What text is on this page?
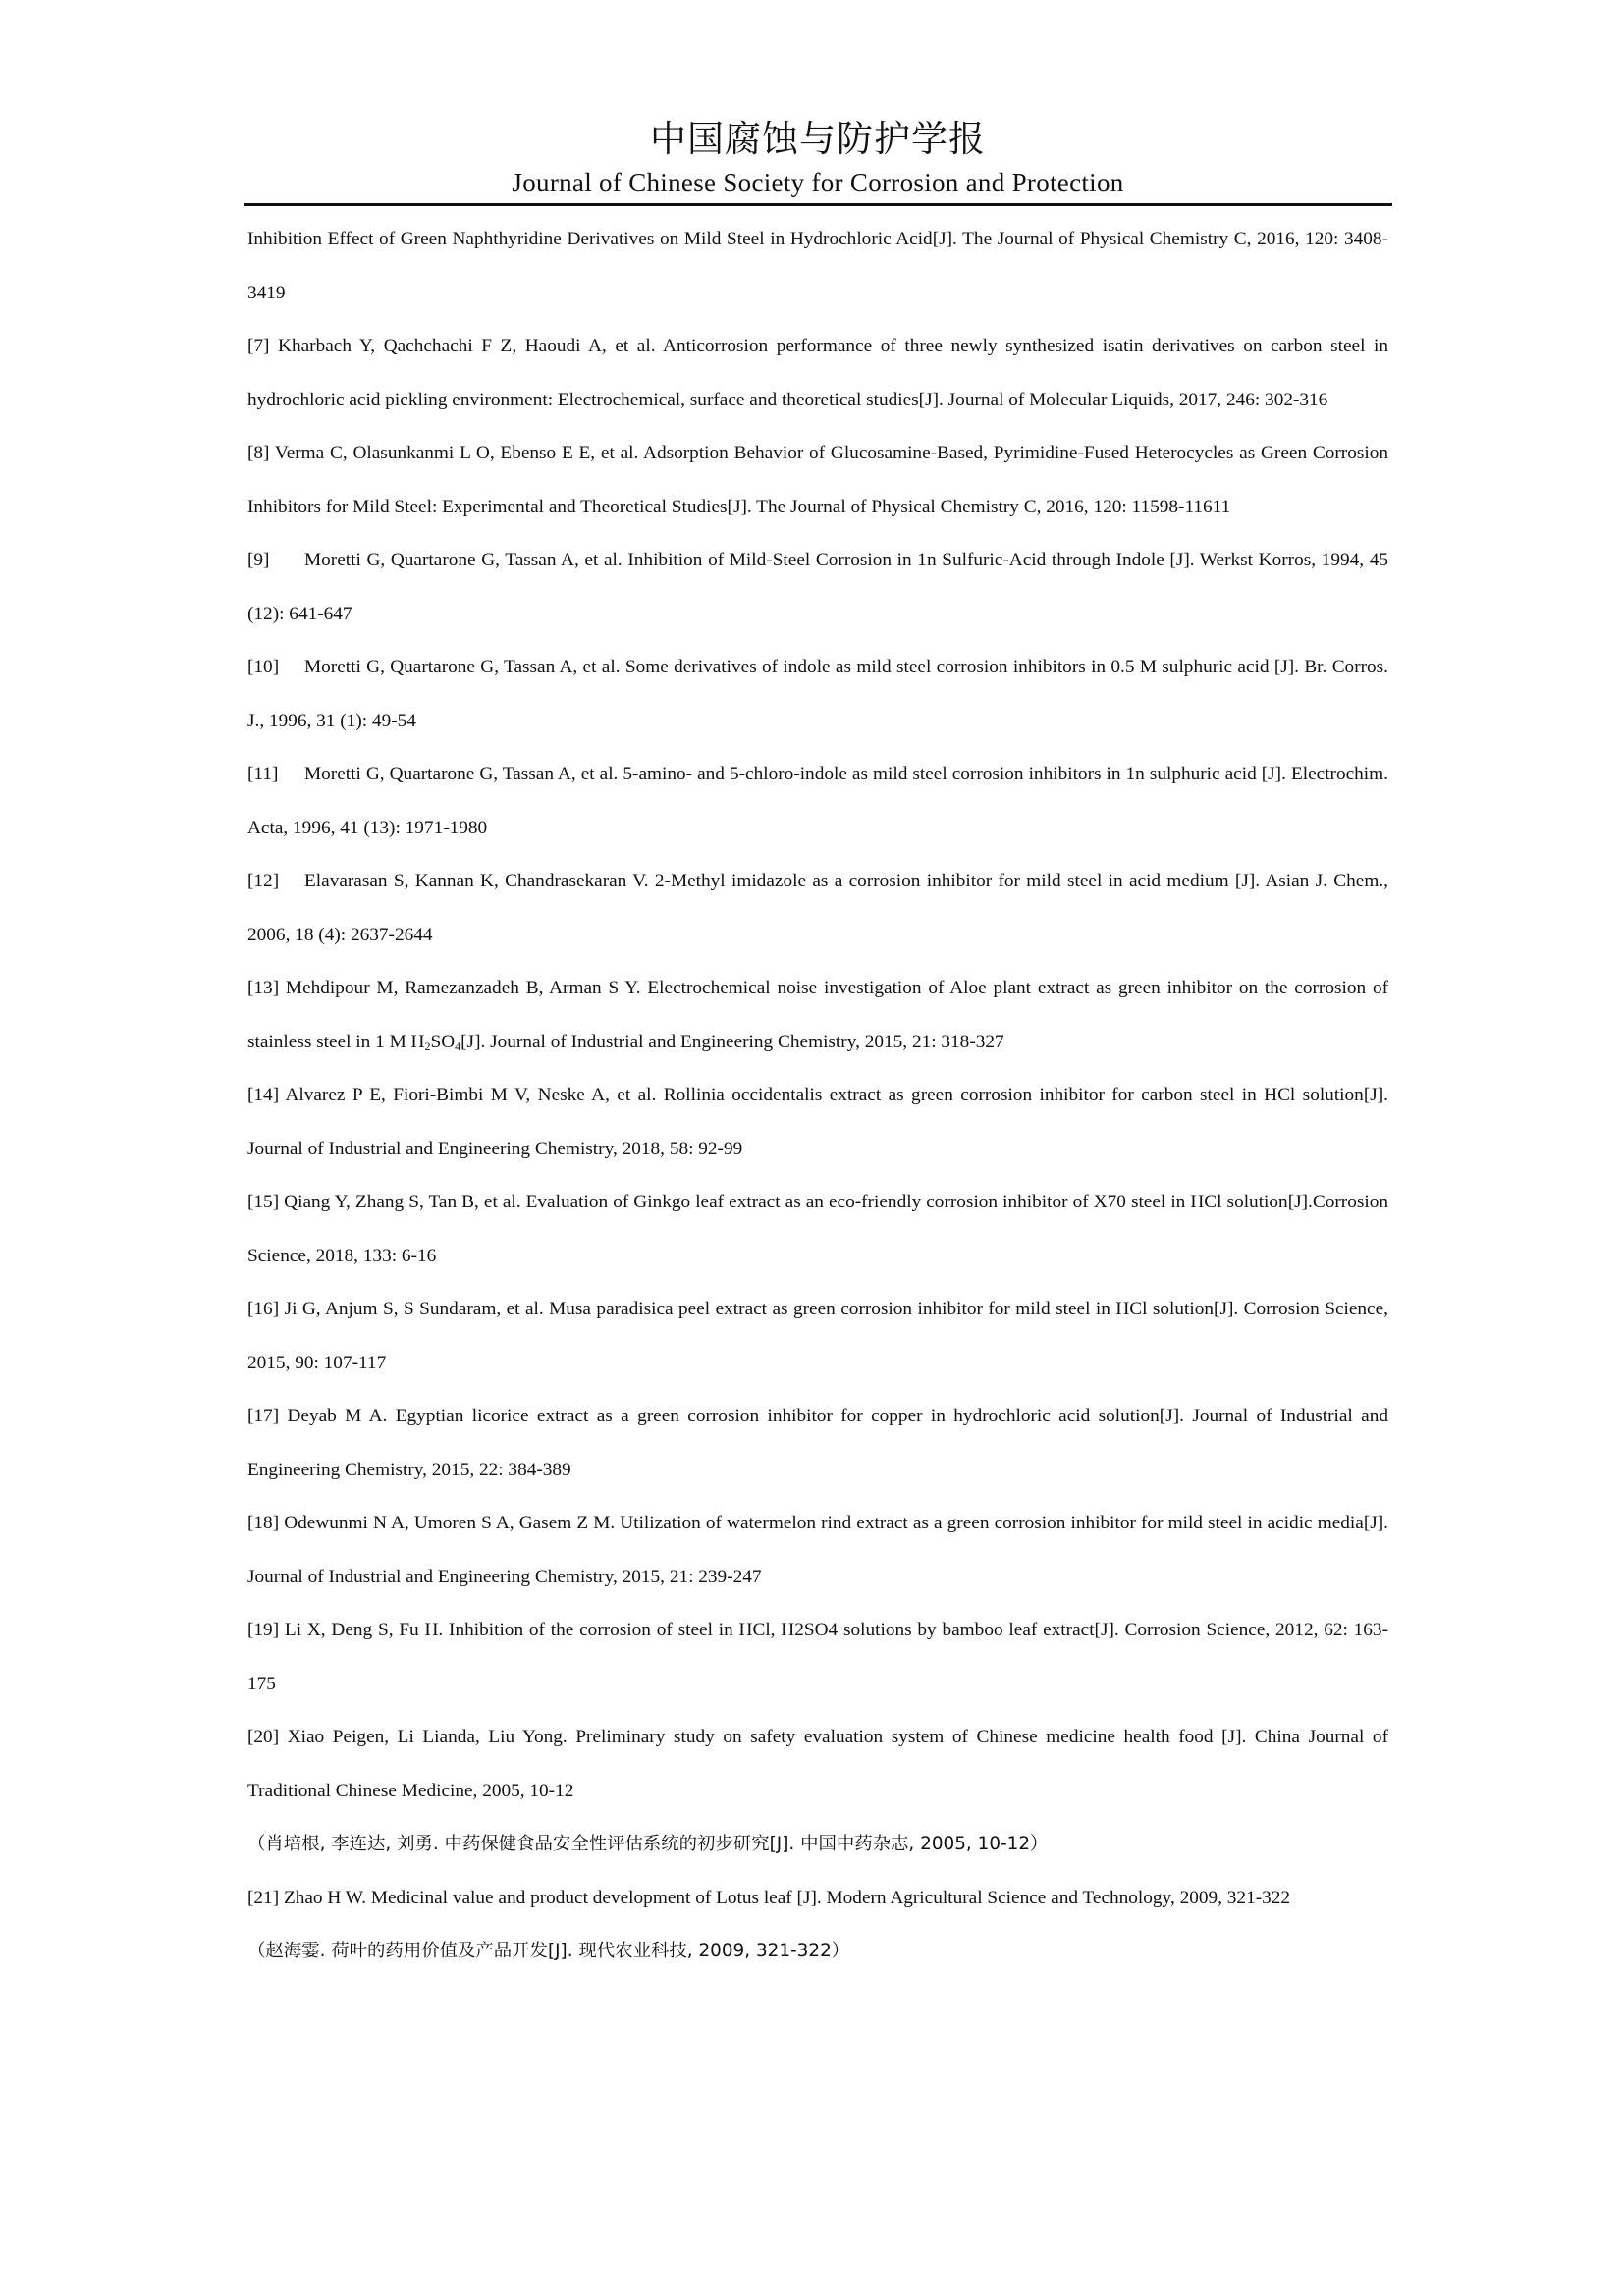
中国腐蚀与防护学报
Journal of Chinese Society for Corrosion and Protection
Inhibition Effect of Green Naphthyridine Derivatives on Mild Steel in Hydrochloric Acid[J]. The Journal of Physical Chemistry C, 2016, 120: 3408-3419
[7] Kharbach Y, Qachchachi F Z, Haoudi A, et al. Anticorrosion performance of three newly synthesized isatin derivatives on carbon steel in hydrochloric acid pickling environment: Electrochemical, surface and theoretical studies[J]. Journal of Molecular Liquids, 2017, 246: 302-316
[8] Verma C, Olasunkanmi L O, Ebenso E E, et al. Adsorption Behavior of Glucosamine-Based, Pyrimidine-Fused Heterocycles as Green Corrosion Inhibitors for Mild Steel: Experimental and Theoretical Studies[J]. The Journal of Physical Chemistry C, 2016, 120: 11598-11611
[9] Moretti G, Quartarone G, Tassan A, et al. Inhibition of Mild-Steel Corrosion in 1n Sulfuric-Acid through Indole [J]. Werkst Korros, 1994, 45 (12): 641-647
[10] Moretti G, Quartarone G, Tassan A, et al. Some derivatives of indole as mild steel corrosion inhibitors in 0.5 M sulphuric acid [J]. Br. Corros. J., 1996, 31 (1): 49-54
[11] Moretti G, Quartarone G, Tassan A, et al. 5-amino- and 5-chloro-indole as mild steel corrosion inhibitors in 1n sulphuric acid [J]. Electrochim. Acta, 1996, 41 (13): 1971-1980
[12] Elavarasan S, Kannan K, Chandrasekaran V. 2-Methyl imidazole as a corrosion inhibitor for mild steel in acid medium [J]. Asian J. Chem., 2006, 18 (4): 2637-2644
[13] Mehdipour M, Ramezanzadeh B, Arman S Y. Electrochemical noise investigation of Aloe plant extract as green inhibitor on the corrosion of stainless steel in 1 M $H_2SO_4[J]$. Journal of Industrial and Engineering Chemistry, 2015, 21: 318-327
[14] Alvarez P E, Fiori-Bimbi M V, Neske A, et al. Rollinia occidentalis extract as green corrosion inhibitor for carbon steel in HCl solution[J]. Journal of Industrial and Engineering Chemistry, 2018, 58: 92-99
[15] Qiang Y, Zhang S, Tan B, et al. Evaluation of Ginkgo leaf extract as an eco-friendly corrosion inhibitor of X70 steel in HCl solution[J].Corrosion Science, 2018, 133: 6-16
[16] Ji G, Anjum S, S Sundaram, et al. Musa paradisica peel extract as green corrosion inhibitor for mild steel in HCl solution[J]. Corrosion Science, 2015, 90: 107-117
[17] Deyab M A. Egyptian licorice extract as a green corrosion inhibitor for copper in hydrochloric acid solution[J]. Journal of Industrial and Engineering Chemistry, 2015, 22: 384-389
[18] Odewunmi N A, Umoren S A, Gasem Z M. Utilization of watermelon rind extract as a green corrosion inhibitor for mild steel in acidic media[J]. Journal of Industrial and Engineering Chemistry, 2015, 21: 239-247
[19] Li X, Deng S, Fu H. Inhibition of the corrosion of steel in HCl, H2SO4 solutions by bamboo leaf extract[J]. Corrosion Science, 2012, 62: 163-175
[20] Xiao Peigen, Li Lianda, Liu Yong. Preliminary study on safety evaluation system of Chinese medicine health food [J]. China Journal of Traditional Chinese Medicine, 2005, 10-12
（肖培根, 李连达, 刘勇. 中药保健食品安全性评估系统的初步研究[J]. 中国中药杂志, 2005, 10-12）
[21] Zhao H W. Medicinal value and product development of Lotus leaf [J]. Modern Agricultural Science and Technology, 2009, 321-322
（赵海霎. 荷叶的药用价值及产品开发[J]. 现代农业科技, 2009, 321-322）
